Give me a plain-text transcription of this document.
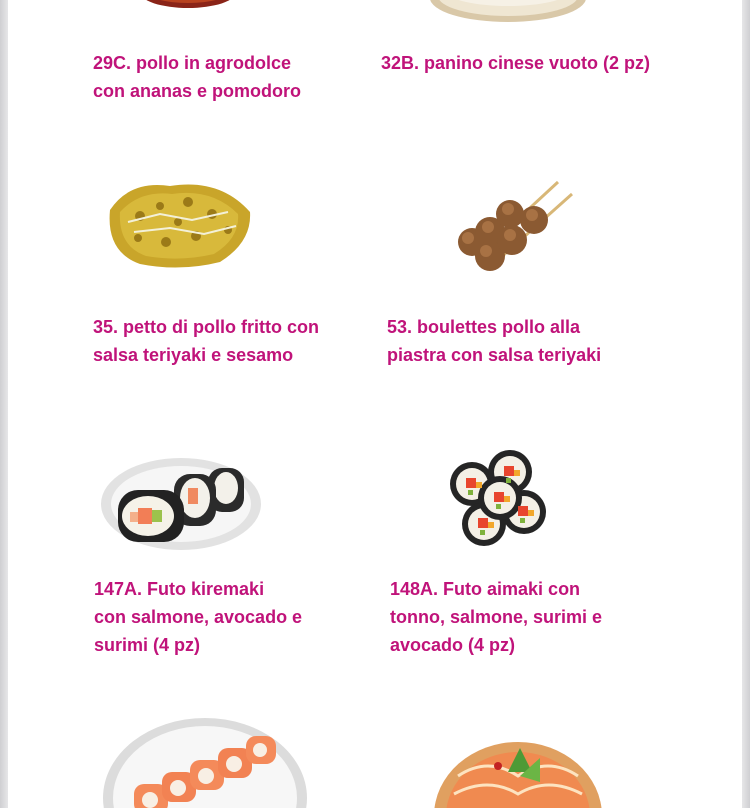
29C. pollo in agrodolce
con ananas e pomodoro

32B. panino cinese vuoto (2 pz)

35. petto di pollo fritto con
salsa teriyaki e sesamo

53. boulettes pollo alla
piastra con salsa teriyaki

147A. Futo kiremaki
con salmone, avocado e
surimi (4 pz)

148A. Futo aimaki con
tonno, salmone, surimi e
avocado (4 pz)
